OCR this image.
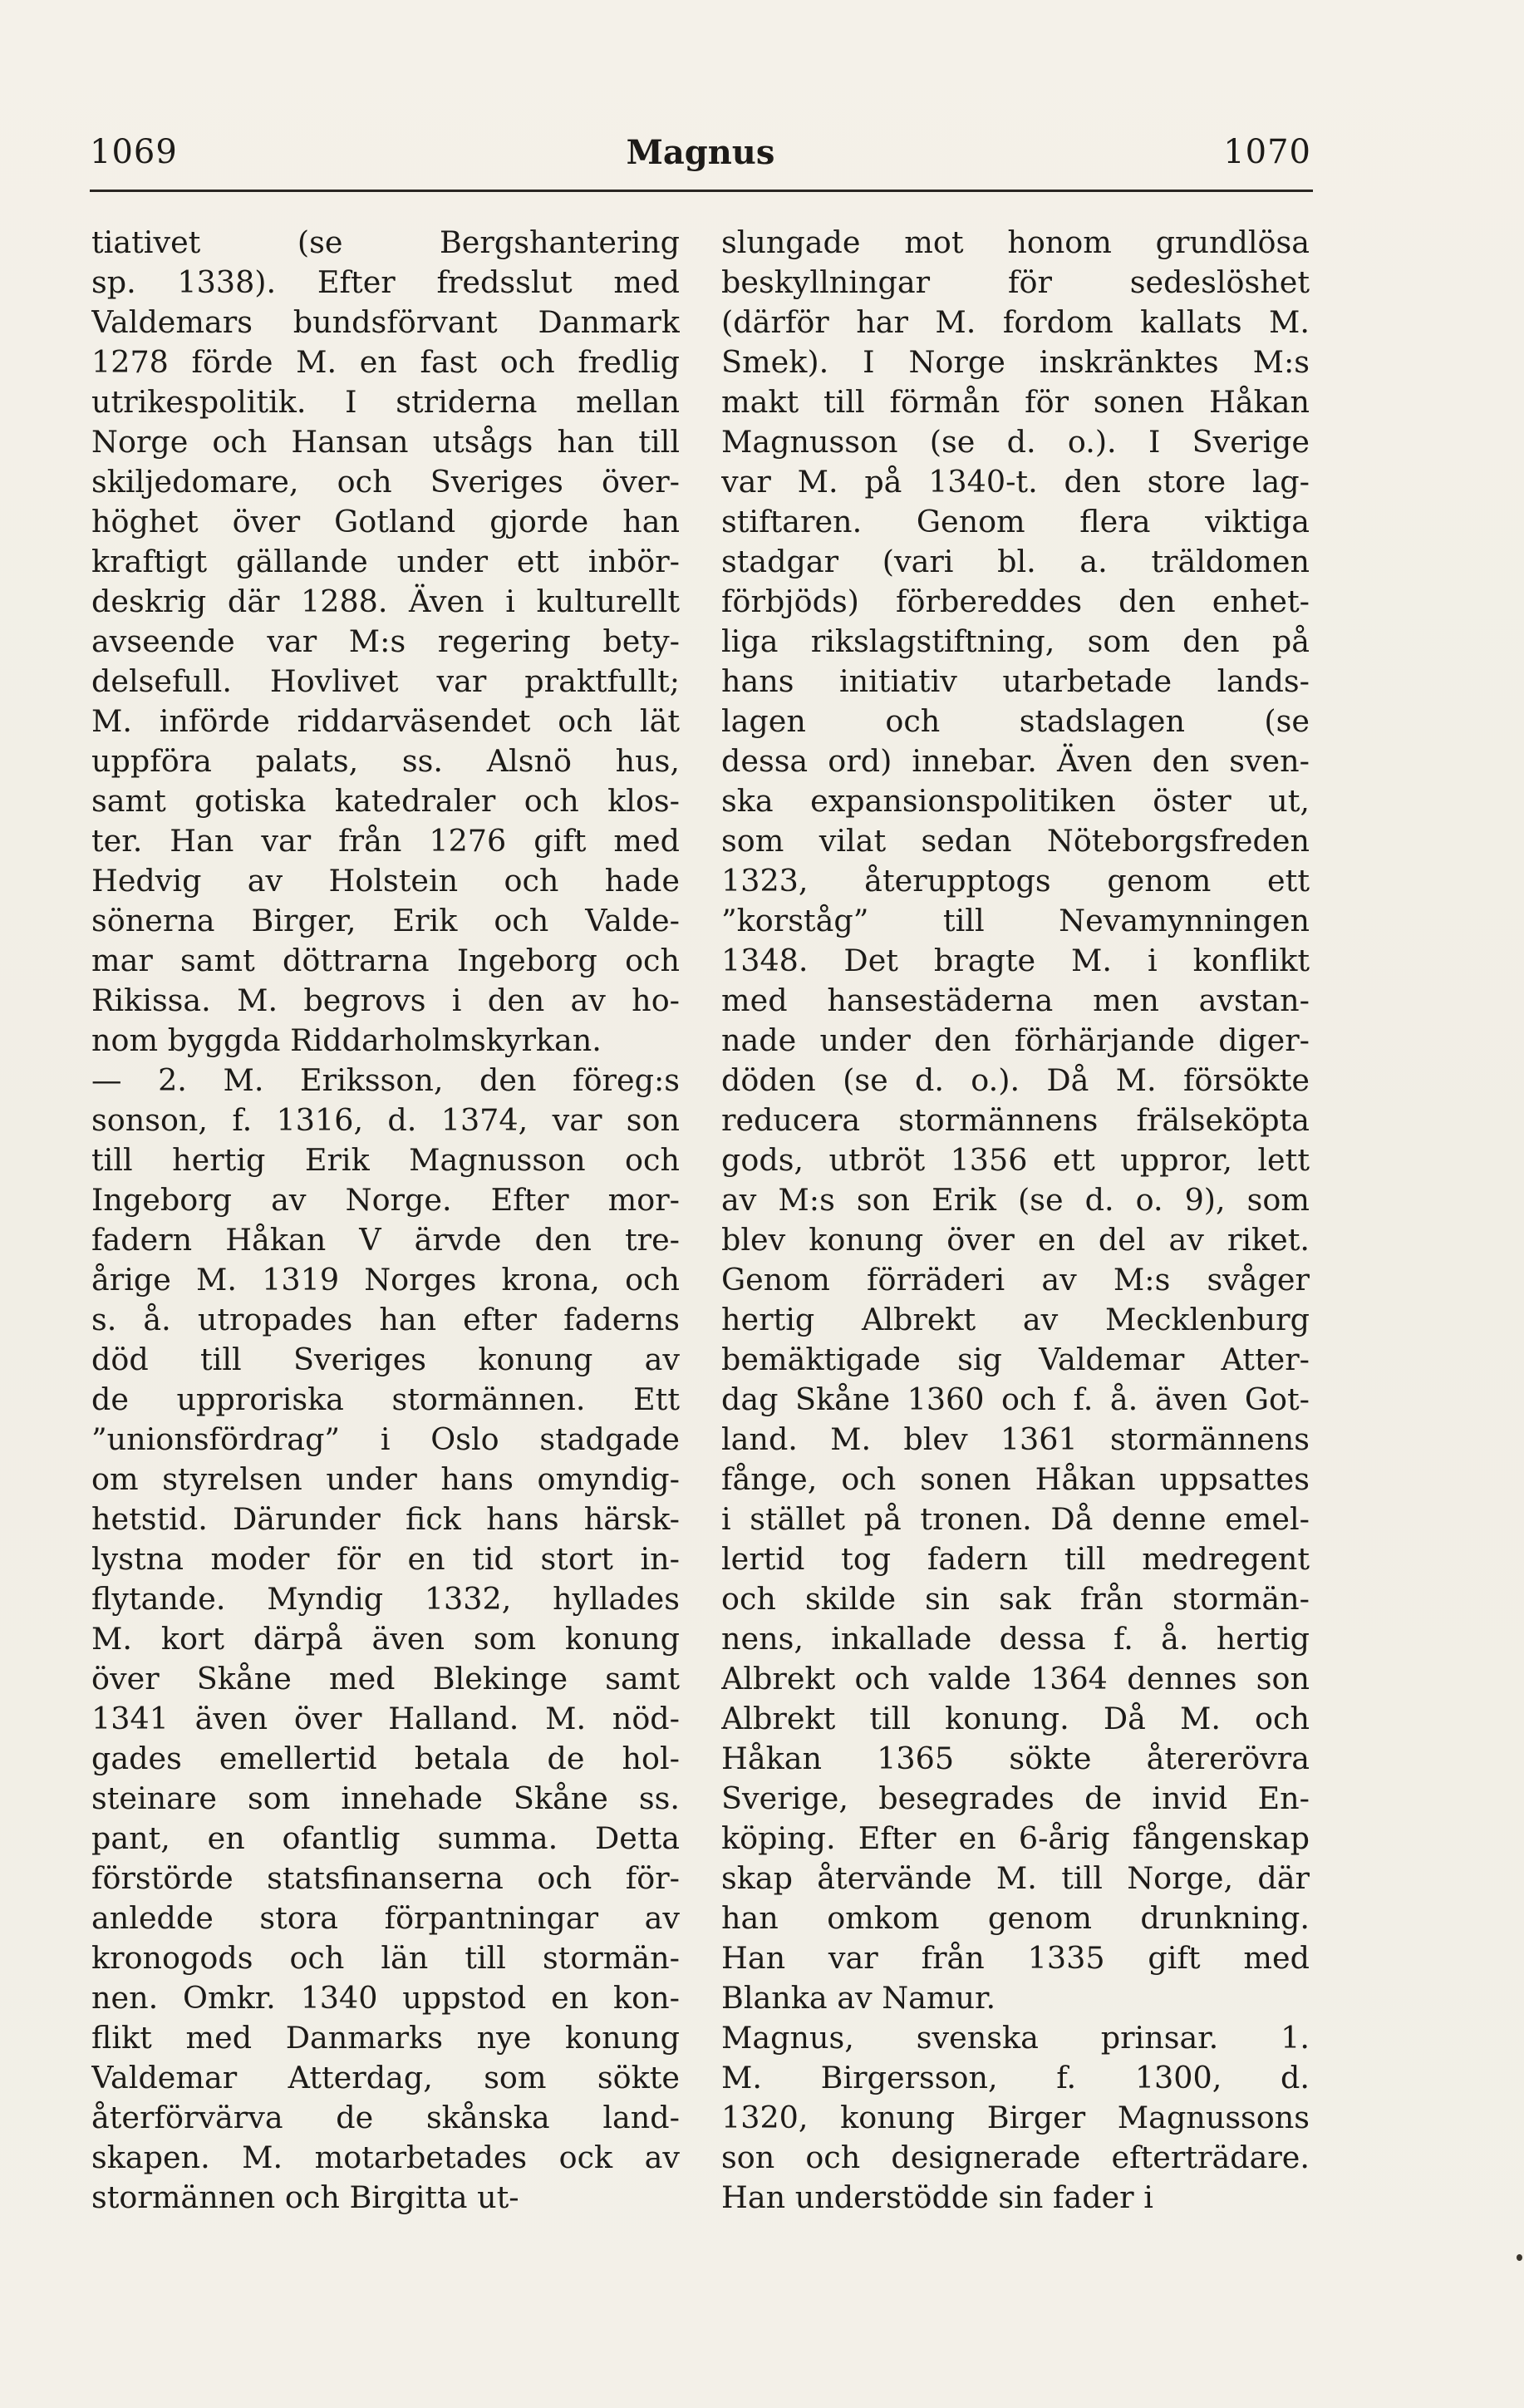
1069	Magnus	1070
tiativet (se Bergshantering
sp. 1338). Efter fredsslut med
Valdemars bundsförvant Danmark
1278 förde M. en fast och fredlig
utrikespolitik. I striderna mellan
Norge och Hansan utsågs han till
skiljedomare, och Sveriges över-
höghet över Gotland gjorde han
kraftigt gällande under ett inbör-
deskrig där 1288. Även i kulturellt
avseende var M:s regering bety-
delsefull. Hovlivet var praktfullt;
M. införde riddarväsendet och lät
uppföra palats, ss. Alsnö hus,
samt gotiska katedraler och klos-
ter. Han var från 1276 gift med
Hedvig av Holstein och hade
sönerna Birger, Erik och Valde-
mar samt döttrarna Ingeborg och
Rikissa. M. begrovs i den av ho-
nom byggda Riddarholmskyrkan.
— 2. M. Eriksson, den föreg:s
sonson, f. 1316, d. 1374, var son
till hertig Erik Magnusson och
Ingeborg av Norge. Efter mor-
fadern Håkan V ärvde den tre-
årige M. 1319 Norges krona, och
s. å. utropades han efter faderns
död till Sveriges konung av
de upproriska stormännen. Ett
”unionsfördrag” i Oslo stadgade
om styrelsen under hans omyndig-
hetstid. Därunder fick hans härsk-
lystna moder för en tid stort in-
flytande. Myndig 1332, hyllades
M. kort därpå även som konung
över Skåne med Blekinge samt
1341 även över Halland. M. nöd-
gades emellertid betala de hol-
steinare som innehade Skåne ss.
pant, en ofantlig summa. Detta
förstörde statsfinanserna och för-
anledde stora förpantningar av
kronogods och län till stormän-
nen. Omkr. 1340 uppstod en kon-
flikt med Danmarks nye konung
Valdemar Atterdag, som sökte
återförvärva de skånska land-
skapen. M. motarbetades ock av
stormännen och Birgitta ut-
slungade mot honom grundlösa
beskyllningar för sedeslöshet
(därför har M. fordom kallats M.
Smek). I Norge inskränktes M:s
makt till förmån för sonen Håkan
Magnusson (se d. o.). I Sverige
var M. på 1340-t. den store lag-
stiftaren. Genom flera viktiga
stadgar (vari bl. a. träldomen
förbjöds) förbereddes den enhet-
liga rikslagstiftning, som den på
hans initiativ utarbetade lands-
lagen och stadslagen (se
dessa ord) innebar. Även den sven-
ska expansionspolitiken öster ut,
som vilat sedan Nöteborgsfreden
1323, återupptogs genom ett
”korståg” till Nevamynningen
1348. Det bragte M. i konflikt
med hansestäderna men avstan-
nade under den förhärjande diger-
döden (se d. o.). Då M. försökte
reducera stormännens frälseköpta
gods, utbröt 1356 ett uppror, lett
av M:s son Erik (se d. o. 9), som
blev konung över en del av riket.
Genom förräderi av M:s svåger
hertig Albrekt av Mecklenburg
bemäktigade sig Valdemar Atter-
dag Skåne 1360 och f. å. även Got-
land. M. blev 1361 stormännens
fånge, och sonen Håkan uppsattes
i stället på tronen. Då denne emel-
lertid tog fadern till medregent
och skilde sin sak från stormän-
nens, inkallade dessa f. å. hertig
Albrekt och valde 1364 dennes son
Albrekt till konung. Då M. och
Håkan 1365 sökte återerövra
Sverige, besegrades de invid En-
köping. Efter en 6-årig fångenskap
skap återvände M. till Norge, där
han omkom genom drunkning.
Han var från 1335 gift med
Blanka av Namur.
Magnus, svenska prinsar. 1.
M. Birgersson, f. 1300, d.
1320, konung Birger Magnussons
son och designerade efterträdare.
Han understödde sin fader i
